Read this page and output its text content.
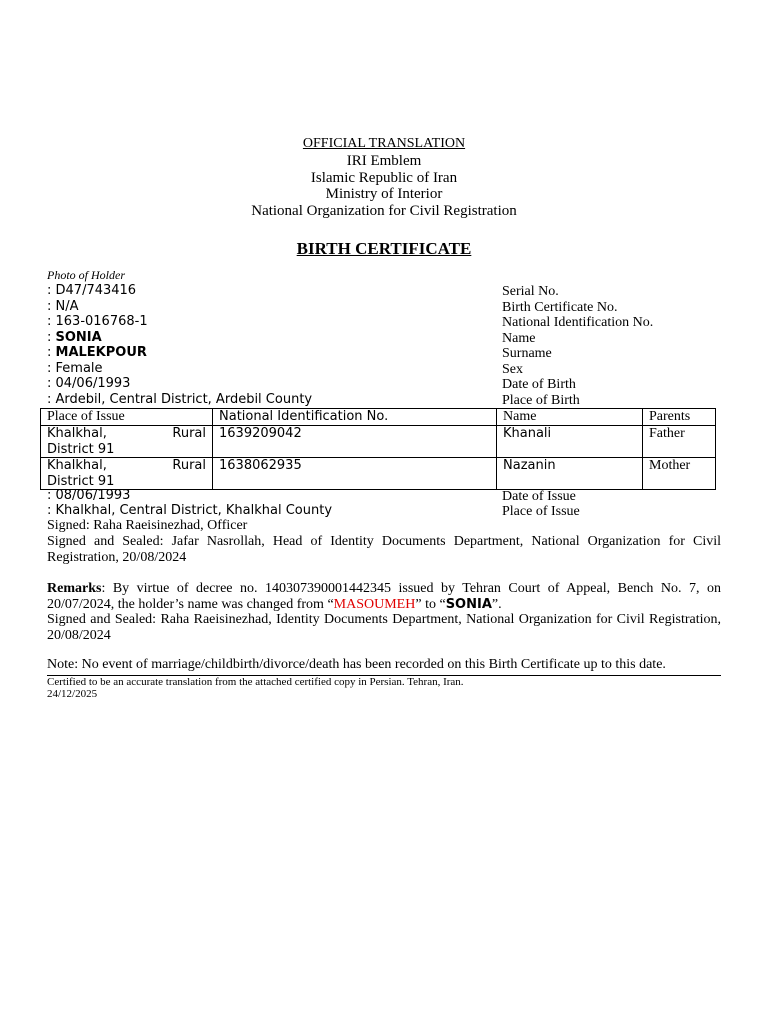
OFFICIAL TRANSLATION
IRI Emblem
Islamic Republic of Iran
Ministry of Interior
National Organization for Civil Registration
BIRTH CERTIFICATE
Photo of Holder
: D47/743416	Serial No.
: N/A	Birth Certificate No.
: 163-016768-1	National Identification No.
: SONIA	Name
: MALEKPOUR	Surname
: Female	Sex
: 04/06/1993	Date of Birth
: Ardebil, Central District, Ardebil County	Place of Birth
Place of Issue	National Identification No.	Name	Parents

Khalkhal, Rural
District 91	1639209042	Khanali	Father

Khalkhal, Rural
District 91	1638062935	Nazanin	Mother
: 08/06/1993	Date of Issue
: Khalkhal, Central District, Khalkhal County	Place of Issue
Signed: Raha Raeisinezhad, Officer
Signed and Sealed: Jafar Nasrollah, Head of Identity Documents Department, National Organization for Civil Registration, 20/08/2024
Remarks: By virtue of decree no. 140307390001442345 issued by Tehran Court of Appeal, Bench No. 7, on 20/07/2024, the holder’s name was changed from “MASOUMEH” to “SONIA”.
Signed and Sealed: Raha Raeisinezhad, Identity Documents Department, National Organization for Civil Registration, 20/08/2024
Note: No event of marriage/childbirth/divorce/death has been recorded on this Birth Certificate up to this date.
Certified to be an accurate translation from the attached certified copy in Persian. Tehran, Iran.
24/12/2025
